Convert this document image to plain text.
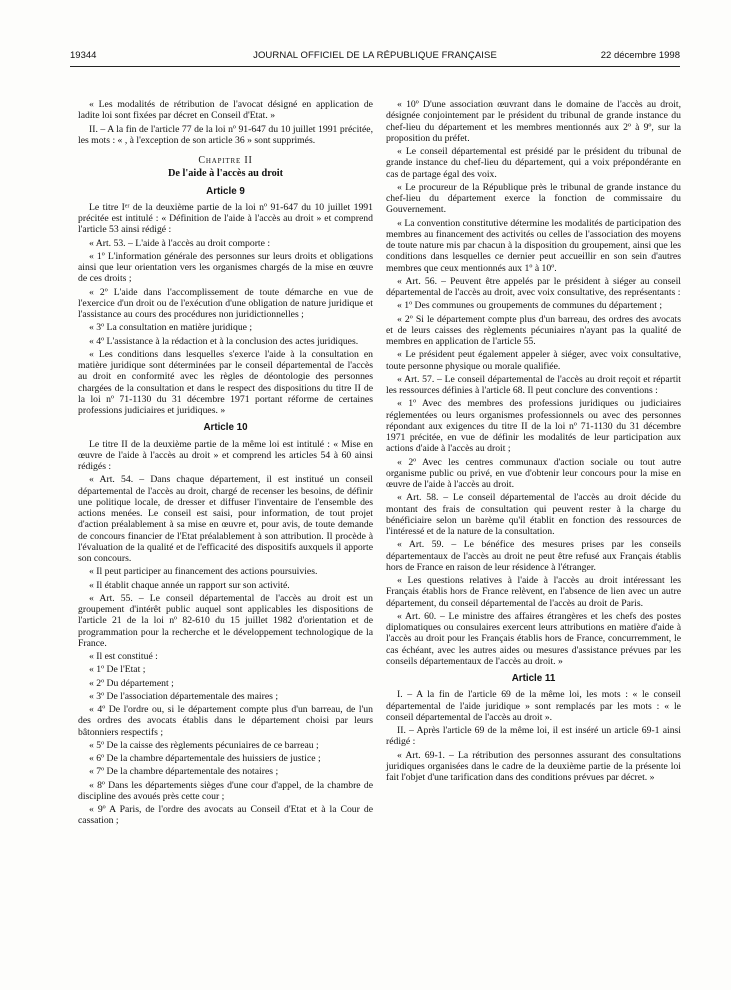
19344	JOURNAL OFFICIEL DE LA RÉPUBLIQUE FRANÇAISE	22 décembre 1998

« Les modalités de rétribution de l'avocat désigné en application de ladite loi sont fixées par décret en Conseil d'Etat. »

II. – A la fin de l'article 77 de la loi nº 91-647 du 10 juillet 1991 précitée, les mots : « , à l'exception de son article 36 » sont supprimés.

Chapitre II
De l'aide à l'accès au droit
Article 9

Le titre Iᵉʳ de la deuxième partie de la loi nº 91-647 du 10 juillet 1991 précitée est intitulé : « Définition de l'aide à l'accès au droit » et comprend l'article 53 ainsi rédigé :

« Art. 53. – L'aide à l'accès au droit comporte :

« 1º L'information générale des personnes sur leurs droits et obligations ainsi que leur orientation vers les organismes chargés de la mise en œuvre de ces droits ;

« 2º L'aide dans l'accomplissement de toute démarche en vue de l'exercice d'un droit ou de l'exécution d'une obligation de nature juridique et l'assistance au cours des procédures non juridictionnelles ;

« 3º La consultation en matière juridique ;

« 4º L'assistance à la rédaction et à la conclusion des actes juridiques.

« Les conditions dans lesquelles s'exerce l'aide à la consultation en matière juridique sont déterminées par le conseil départemental de l'accès au droit en conformité avec les règles de déontologie des personnes chargées de la consultation et dans le respect des dispositions du titre II de la loi nº 71-1130 du 31 décembre 1971 portant réforme de certaines professions judiciaires et juridiques. »

Article 10

Le titre II de la deuxième partie de la même loi est intitulé : « Mise en œuvre de l'aide à l'accès au droit » et comprend les articles 54 à 60 ainsi rédigés :

« Art. 54. – Dans chaque département, il est institué un conseil départemental de l'accès au droit, chargé de recenser les besoins, de définir une politique locale, de dresser et diffuser l'inventaire de l'ensemble des actions menées. Le conseil est saisi, pour information, de tout projet d'action préalablement à sa mise en œuvre et, pour avis, de toute demande de concours financier de l'Etat préalablement à son attribution. Il procède à l'évaluation de la qualité et de l'efficacité des dispositifs auxquels il apporte son concours.

« Il peut participer au financement des actions poursuivies.

« Il établit chaque année un rapport sur son activité.

« Art. 55. – Le conseil départemental de l'accès au droit est un groupement d'intérêt public auquel sont applicables les dispositions de l'article 21 de la loi nº 82-610 du 15 juillet 1982 d'orientation et de programmation pour la recherche et le développement technologique de la France.

« Il est constitué :

« 1º De l'Etat ;

« 2º Du département ;

« 3º De l'association départementale des maires ;

« 4º De l'ordre ou, si le département compte plus d'un barreau, de l'un des ordres des avocats établis dans le département choisi par leurs bâtonniers respectifs ;

« 5º De la caisse des règlements pécuniaires de ce barreau ;

« 6º De la chambre départementale des huissiers de justice ;

« 7º De la chambre départementale des notaires ;

« 8º Dans les départements sièges d'une cour d'appel, de la chambre de discipline des avoués près cette cour ;

« 9º A Paris, de l'ordre des avocats au Conseil d'Etat et à la Cour de cassation ;

« 10º D'une association œuvrant dans le domaine de l'accès au droit, désignée conjointement par le président du tribunal de grande instance du chef-lieu du département et les membres mentionnés aux 2º à 9º, sur la proposition du préfet.

« Le conseil départemental est présidé par le président du tribunal de grande instance du chef-lieu du département, qui a voix prépondérante en cas de partage égal des voix.

« Le procureur de la République près le tribunal de grande instance du chef-lieu du département exerce la fonction de commissaire du Gouvernement.

« La convention constitutive détermine les modalités de participation des membres au financement des activités ou celles de l'association des moyens de toute nature mis par chacun à la disposition du groupement, ainsi que les conditions dans lesquelles ce dernier peut accueillir en son sein d'autres membres que ceux mentionnés aux 1º à 10º.

« Art. 56. – Peuvent être appelés par le président à siéger au conseil départemental de l'accès au droit, avec voix consultative, des représentants :

« 1º Des communes ou groupements de communes du département ;

« 2º Si le département compte plus d'un barreau, des ordres des avocats et de leurs caisses des règlements pécuniaires n'ayant pas la qualité de membres en application de l'article 55.

« Le président peut également appeler à siéger, avec voix consultative, toute personne physique ou morale qualifiée.

« Art. 57. – Le conseil départemental de l'accès au droit reçoit et répartit les ressources définies à l'article 68. Il peut conclure des conventions :

« 1º Avec des membres des professions juridiques ou judiciaires réglementées ou leurs organismes professionnels ou avec des personnes répondant aux exigences du titre II de la loi nº 71-1130 du 31 décembre 1971 précitée, en vue de définir les modalités de leur participation aux actions d'aide à l'accès au droit ;

« 2º Avec les centres communaux d'action sociale ou tout autre organisme public ou privé, en vue d'obtenir leur concours pour la mise en œuvre de l'aide à l'accès au droit.

« Art. 58. – Le conseil départemental de l'accès au droit décide du montant des frais de consultation qui peuvent rester à la charge du bénéficiaire selon un barème qu'il établit en fonction des ressources de l'intéressé et de la nature de la consultation.

« Art. 59. – Le bénéfice des mesures prises par les conseils départementaux de l'accès au droit ne peut être refusé aux Français établis hors de France en raison de leur résidence à l'étranger.

« Les questions relatives à l'aide à l'accès au droit intéressant les Français établis hors de France relèvent, en l'absence de lien avec un autre département, du conseil départemental de l'accès au droit de Paris.

« Art. 60. – Le ministre des affaires étrangères et les chefs des postes diplomatiques ou consulaires exercent leurs attributions en matière d'aide à l'accès au droit pour les Français établis hors de France, concurremment, le cas échéant, avec les autres aides ou mesures d'assistance prévues par les conseils départementaux de l'accès au droit. »

Article 11

I. – A la fin de l'article 69 de la même loi, les mots : « le conseil départemental de l'aide juridique » sont remplacés par les mots : « le conseil départemental de l'accès au droit ».

II. – Après l'article 69 de la même loi, il est inséré un article 69-1 ainsi rédigé :

« Art. 69-1. – La rétribution des personnes assurant des consultations juridiques organisées dans le cadre de la deuxième partie de la présente loi fait l'objet d'une tarification dans des conditions prévues par décret. »
